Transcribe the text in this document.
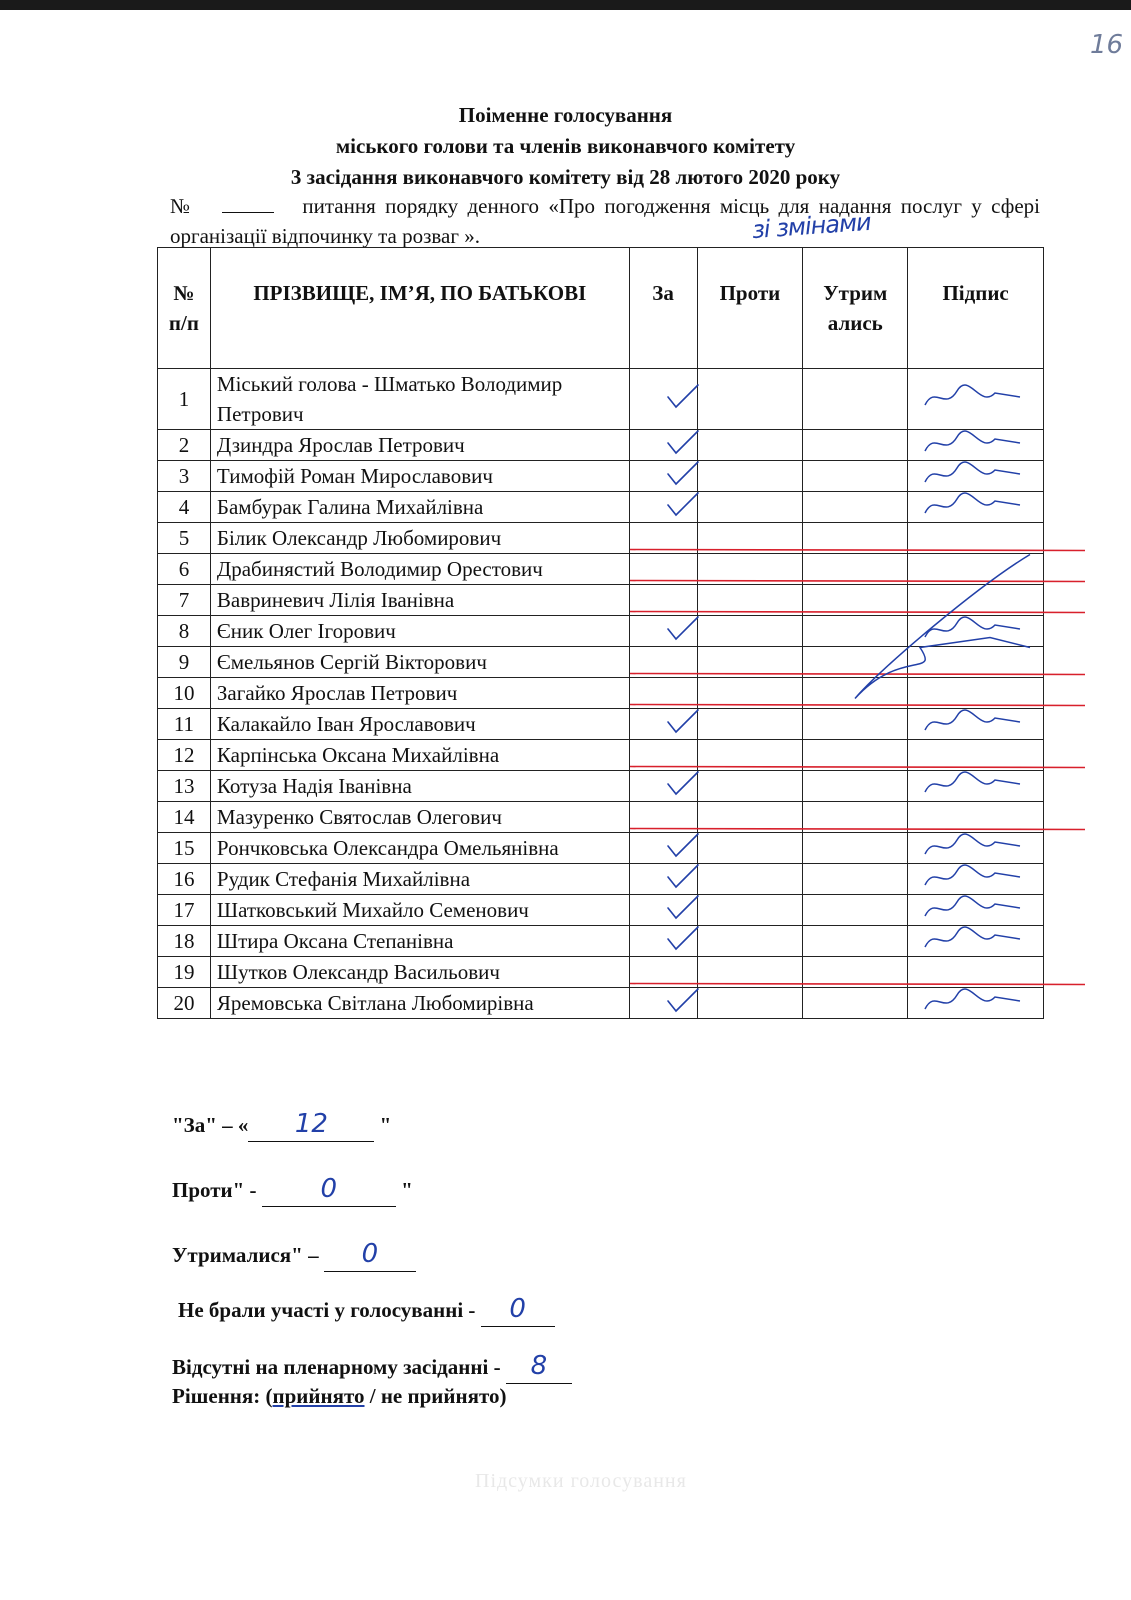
16
Поіменне голосування
міського голови та членів виконавчого комітету
3 засідання виконавчого комітету від 28 лютого 2020 року
№	питання порядку денного «Про погодження місць для надання послуг у сфері організації відпочинку та розваг ».	зі змінами
№ п/п	ПРІЗВИЩЕ, ІМ’Я, ПО БАТЬКОВІ	За	Проти	Утрим ались	Підпис
1	Міський голова - Шматько Володимир Петрович				
2	Дзиндра Ярослав Петрович				
3	Тимофій Роман Мирославович				
4	Бамбурак Галина Михайлівна				
5	Білик Олександр Любомирович				
6	Драбинястий Володимир Орестович				
7	Вавриневич Лілія Іванівна				
8	Єник Олег Ігорович				
9	Ємельянов Сергій Вікторович				
10	Загайко Ярослав Петрович				
11	Калакайло Іван Ярославович				
12	Карпінська Оксана Михайлівна				
13	Котуза Надія Іванівна				
14	Мазуренко Святослав Олегович				
15	Рончковська Олександра Омельянівна				
16	Рудик Стефанія Михайлівна				
17	Шатковський Михайло Семенович				
18	Штира Оксана Степанівна				
19	Шутков Олександр Васильович				
20	Яремовська Світлана Любомирівна				
"За" – « 12 "
Проти" - 0	"
Утрималися" – 0
Не брали участі у голосуванні - 0
Відсутні на пленарному засіданні - 8
Рішення: (прийнято / не прийнято)
Підсумки голосування
